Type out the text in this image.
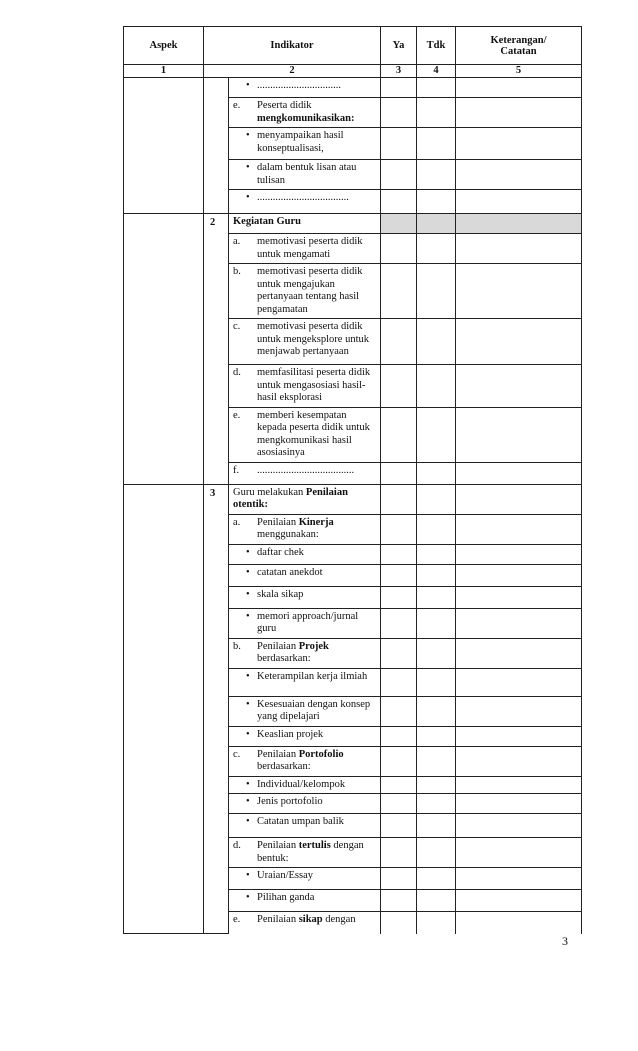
Aspek	Indikator		Ya	Tdk	Keterangan/
Catatan
1	2		3	4	5

		• ................................			

		e. Peserta didik mengkomunikasikan:			

		• menyampaikan hasil konseptualisasi,			

		• dalam bentuk lisan atau tulisan			

		• ...................................			

	2	Kegiatan Guru			

		a. memotivasi peserta didik untuk mengamati			

		b. memotivasi peserta didik untuk mengajukan pertanyaan tentang hasil pengamatan			

		c. memotivasi peserta didik untuk mengeksplore untuk menjawab pertanyaan			

		d. memfasilitasi peserta didik untuk mengasosiasi hasil-hasil eksplorasi			

		e. memberi kesempatan kepada peserta didik untuk mengkomunikasi hasil asosiasinya			

		f. .....................................			

	3	Guru melakukan Penilaian otentik:			

		a. Penilaian Kinerja menggunakan:			

		• daftar chek			

		• catatan anekdot			

		• skala sikap			

		• memori approach/jurnal guru			

		b. Penilaian Projek berdasarkan:			

		• Keterampilan kerja ilmiah			

		• Kesesuaian dengan konsep yang dipelajari			

		• Keaslian projek			

		c. Penilaian Portofolio berdasarkan:			

		• Individual/kelompok			

		• Jenis portofolio			

		• Catatan umpan balik			

		d. Penilaian tertulis dengan bentuk:			

		• Uraian/Essay			

		• Pilihan ganda			

		e. Penilaian sikap dengan			

3
